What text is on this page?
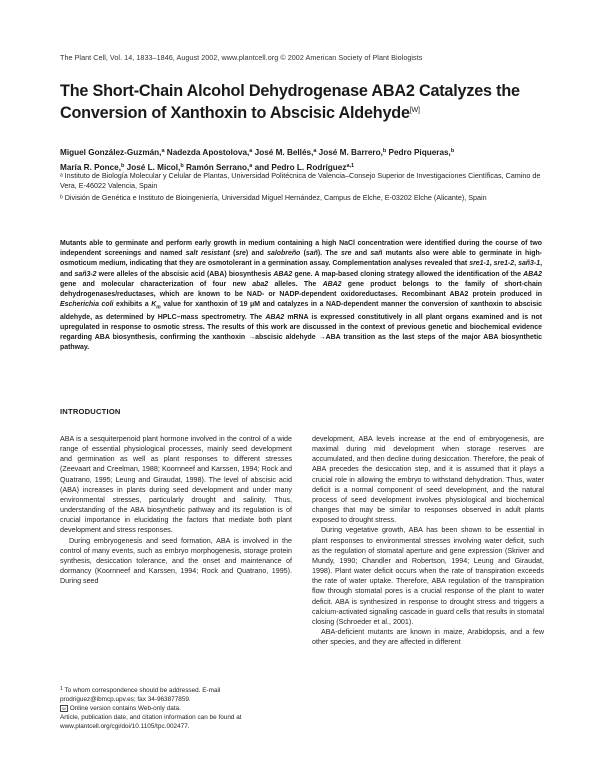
The Plant Cell, Vol. 14, 1833–1846, August 2002, www.plantcell.org © 2002 American Society of Plant Biologists
The Short-Chain Alcohol Dehydrogenase ABA2 Catalyzes the
Conversion of Xanthoxin to Abscisic Aldehyde[W]
Miguel González-Guzmán,$^a$ Nadezda Apostolova,$^a$ José M. Bellés,$^a$ José M. Barrero,$^b$ Pedro Piqueras,$^b$
María R. Ponce,$^b$ José L. Micol,$^b$ Ramón Serrano,$^a$ and Pedro L. Rodríguez$^{a,1}$
ᵃ Instituto de Biología Molecular y Celular de Plantas, Universidad Politécnica de Valencia–Consejo Superior de Investigaciones Científicas, Camino de Vera, E-46022 Valencia, Spain
ᵇ División de Genética e Instituto de Bioingeniería, Universidad Miguel Hernández, Campus de Elche, E-03202 Elche (Alicante), Spain
Mutants able to germinate and perform early growth in medium containing a high NaCl concentration were identified during the course of two independent screenings and named salt resistant (sre) and salobreño (sañ). The sre and sañ mutants also were able to germinate in high-osmoticum medium, indicating that they are osmotolerant in a germination assay. Complementation analyses revealed that sre1-1, sre1-2, sañ3-1, and sañ3-2 were alleles of the abscisic acid (ABA) biosynthesis ABA2 gene. A map-based cloning strategy allowed the identification of the ABA2 gene and molecular characterization of four new aba2 alleles. The ABA2 gene product belongs to the family of short-chain dehydrogenases/reductases, which are known to be NAD- or NADP-dependent oxidoreductases. Recombinant ABA2 protein produced in Escherichia coli exhibits a $K_m$ value for xanthoxin of 19 μM and catalyzes in a NAD-dependent manner the conversion of xanthoxin to abscisic aldehyde, as determined by HPLC–mass spectrometry. The ABA2 mRNA is expressed constitutively in all plant organs examined and is not upregulated in response to osmotic stress. The results of this work are discussed in the context of previous genetic and biochemical evidence regarding ABA biosynthesis, confirming the xanthoxin →abscisic aldehyde →ABA transition as the last steps of the major ABA biosynthetic pathway.
INTRODUCTION

ABA is a sesquiterpenoid plant hormone involved in the control of a wide range of essential physiological processes, mainly seed development and germination as well as plant responses to different stresses (Zeevaart and Creelman, 1988; Koornneef and Karssen, 1994; Rock and Quatrano, 1995; Leung and Giraudat, 1998). The level of abscisic acid (ABA) increases in plants during seed development and under many environmental stresses, particularly drought and salinity. Thus, understanding of the ABA biosynthetic pathway and its regulation is of crucial importance in elucidating the factors that mediate both plant development and stress responses.

During embryogenesis and seed formation, ABA is involved in the control of many events, such as embryo morphogenesis, storage protein synthesis, desiccation tolerance, and the onset and maintenance of dormancy (Koornneef and Karssen, 1994; Rock and Quatrano, 1995). During seed

development, ABA levels increase at the end of embryogenesis, are maximal during mid development when storage reserves are accumulated, and then decline during desiccation. Therefore, the peak of ABA precedes the desiccation step, and it is assumed that it plays a crucial role in allowing the embryo to withstand dehydration. Thus, water deficit is a normal component of seed development, and the natural process of seed development involves physiological and biochemical changes that may be similar to responses observed in adult plants exposed to drought stress.

During vegetative growth, ABA has been shown to be essential in plant responses to environmental stresses involving water deficit, such as the regulation of stomatal aperture and gene expression (Skriver and Mundy, 1990; Chandler and Robertson, 1994; Leung and Giraudat, 1998). Plant water deficit occurs when the rate of transpiration exceeds the rate of water uptake. Therefore, ABA regulation of the transpiration flow through stomatal pores is a crucial response of the plant to water deficit. ABA is synthesized in response to drought stress and triggers a calcium-activated signaling cascade in guard cells that results in stomatal closing (Schroeder et al., 2001).

ABA-deficient mutants are known in maize, Arabidopsis, and a few other species, and they are affected in different

$^1$ To whom correspondence should be addressed. E-mail prodriguez@ibmcp.upv.es; fax 34-963877859.

W Online version contains Web-only data.

Article, publication date, and citation information can be found at www.plantcell.org/cgi/doi/10.1105/tpc.002477.
